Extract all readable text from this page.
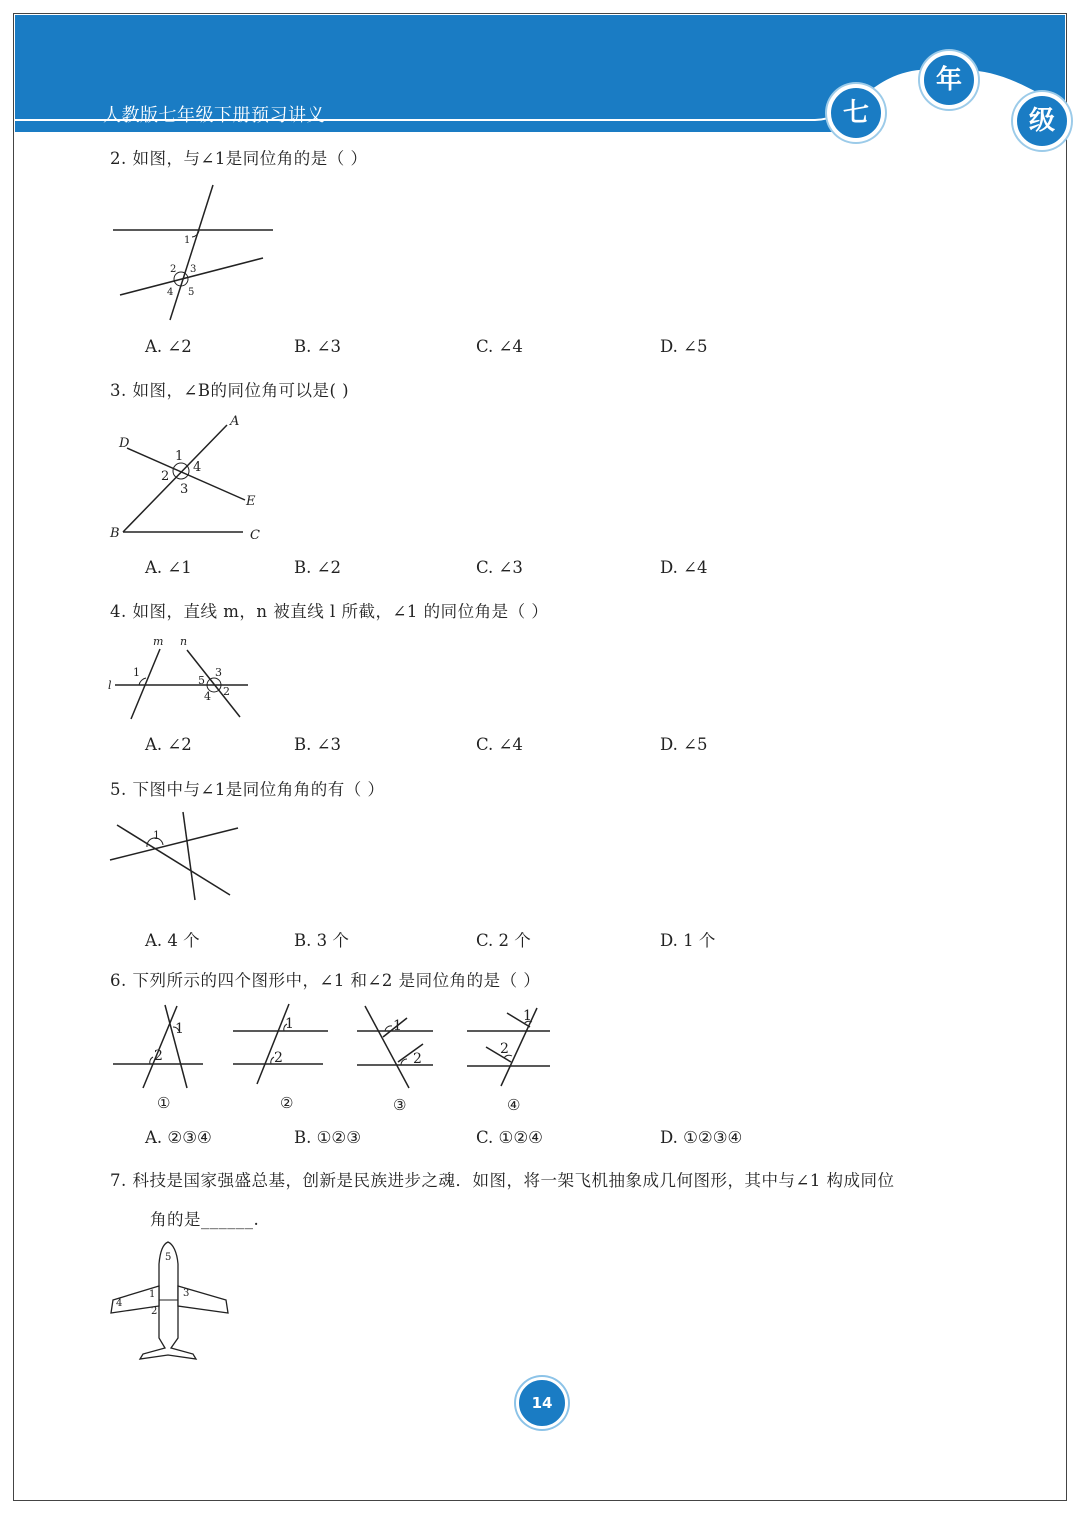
人教版七年级下册预习讲义	七
年
级
2. 如图，与∠1是同位角的是（ ）
1
2 3
4 5
A. ∠2	B. ∠3	C. ∠4	D. ∠5
3. 如图，∠B的同位角可以是( )
A
D
1
2
4
3
E
B	C
A. ∠1	B. ∠2	C. ∠3	D. ∠4
4. 如图，直线 m，n 被直线 l 所截，∠1 的同位角是（ ）
m n
1	3
5
2
4
l
A. ∠2	B. ∠3	C. ∠4	D. ∠5
5. 下图中与∠1是同位角角的有（ ）
1
A. 4 个	B. 3 个	C. 2 个	D. 1 个
6. 下列所示的四个图形中，∠1 和∠2 是同位角的是（ ）
1
2
①
1
2
②
1
2
③
1
2
④
A. ②③④	B. ①②③	C. ①②④	D. ①②③④
7. 科技是国家强盛总基，创新是民族进步之魂．如图，将一架飞机抽象成几何图形，其中与∠1 构成同位
角的是______.
5
4
1	3
2
14
